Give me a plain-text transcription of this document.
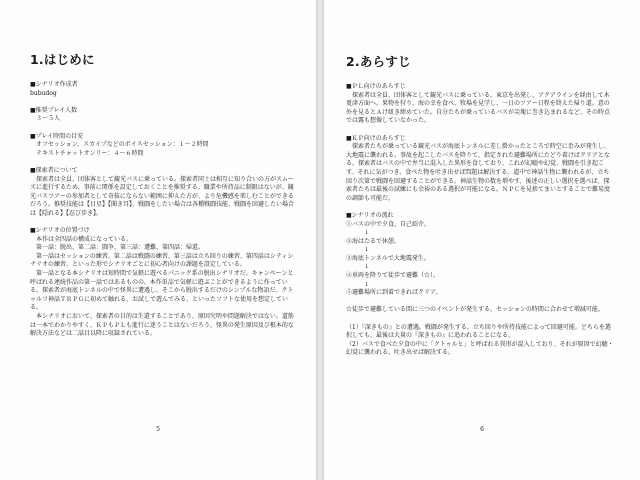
1.はじめに
■シナリオ作成者
bubudog
■推奨プレイ人数
　３～５人
■プレイ時間の目安
　オフセッション、スカイプなどのボイスセッション：１～２時間
　テキストチャットオンリー：４～６時間
■探索者について
　探索者は全員、団体客として観光バスに乗っている。探索者同士は相互に知り合いの方がスムーズに進行するため、事前に関係を設定しておくことを推奨する。職業や所持品に制限はないが、観光バスツアーの参加者として奇抜にならない範囲に抑えた方が、より危機感を楽しむことができるだろう。推奨技能は【目星】【聞き耳】、戦闘をしたい場合は各種戦闘技能、戦闘を回避したい場合は【隠れる】【忍び歩き】。
■シナリオの位置づけ
　本作は全四話の構成になっている。
　第一話：脱出、第二話：闘争、第三話：遭難、第四話：帰還。
　第一話はセッションの練習、第二話は戦闘の練習、第三話は立ち回りの練習、第四話はシティシナリオの練習、といった形でシナリオごとに初心者向けの課題を設定している。
　第一話となる本シナリオは短時間で気軽に遊べるパニック系の脱出シナリオだ。キャンペーンと呼ばれる連続作品の第一話ではあるものの、本作単品で気軽に遊ぶことができるように作っている。探索者が海底トンネルの中で怪異に遭遇し、そこから脱出するだけのシンプルな物語だ。クトゥルフ神話ＴＲＰＧに初めて触れる、お試しで遊んでみる、といったソフトな使用を想定している。
　本シナリオにおいて、探索者の目的は生還することであり、原因究明や問題解決ではない。道筋は一本でわかりやすく、ＫＰもＰＬも進行に迷うことはないだろう。怪異の発生原因及び根本的な解決方法などは二話目以降に収録されている。
5
2.あらすじ
■ＰＬ向けのあらすじ
　探索者は全員、団体客として観光バスに乗っている。東京を出発し、アクアラインを経由して木更津方面へ。果物を狩り、海の幸を食べ、牧場を見学し、一日のツアー日程を終えた帰り道。意の外を見るとＡけ紐き紺めていた。自分たちが乗っているバスが尖塊に巻き込まれるなど、その時点では露も想像していなかった。
■ＫＰ向けのあらすじ
　探索者たちが乗っている観光バスが海底トンネルに差し掛かったところで時空に歪みが発生し、大地震に襲われる。事故を起こしたバスを降りて、指定された避難場所にたどり着けばクリアとなる。探索者はバスの中で弁当に混入した異形を食しており、これが幻聴や幻覚、戦闘を引き起こす。それに気がつき、食べた物を吐き出せば問題は解決する。道中で神話生物に襲われるが、立ち回り次第で戦闘を回避することができる。神話生物の数を増やす、後述の正しい選択を選べば、探索者たちは最後の試練にも余裕のある選択が可能になる。ＮＰＣを見捨てまいとすることで難易度の調節も可能だ。
■シナリオの流れ
①バスの中で夕食、自己紹介。
　　　↓
②海はたるで休憩。
　　　↓
③海底トンネルで大地震発生。
　　　↓
④車両を降りて徒歩で避難（☆）。
　　　↓
⑤避難場所に到着できればクリア。
☆徒歩で避難している間に三つのイベントが発生する。セッションの時間に合わせて増減可能。
（1）『深きもの』との遭遇。戦闘が発生する。立ち回りや所持技能によって回避可能。どちらを選択しても、最後は大量の『深きもの』に追われることになる。
（2）バスで食べた夕食の中に「クトゥルヒ」と呼ばれる異形が混入しており、それが原因で幻聴・幻覚に襲われる。吐き出せば解決する。
6
